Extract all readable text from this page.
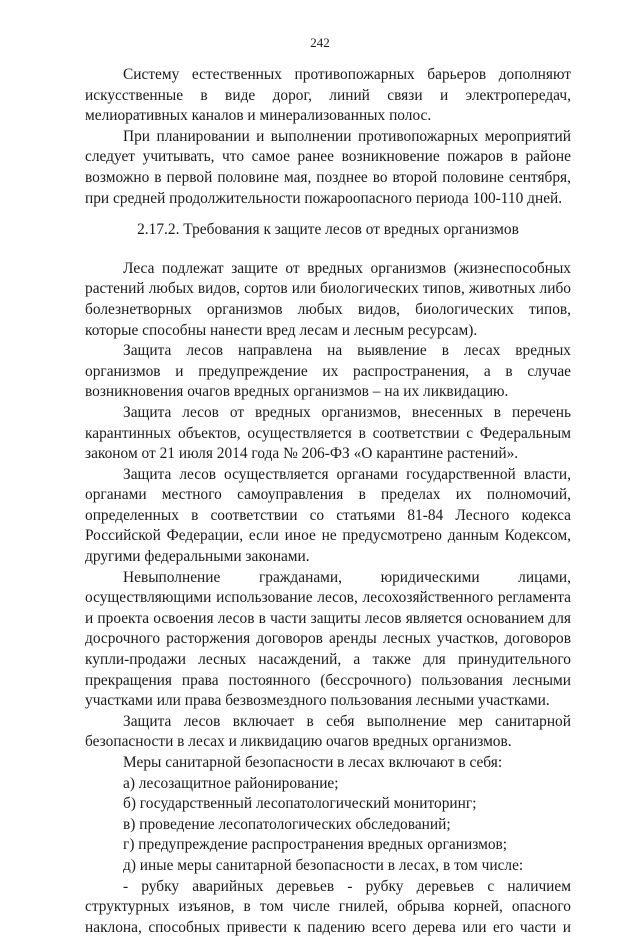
242

Систему естественных противопожарных барьеров дополняют искусственные в виде дорог, линий связи и электропередач, мелиоративных каналов и минерализованных полос.

При планировании и выполнении противопожарных мероприятий следует учитывать, что самое ранее возникновение пожаров в районе возможно в первой половине мая, позднее во второй половине сентября, при средней продолжительности пожароопасного периода 100-110 дней.

2.17.2. Требования к защите лесов от вредных организмов

Леса подлежат защите от вредных организмов (жизнеспособных растений любых видов, сортов или биологических типов, животных либо болезнетворных организмов любых видов, биологических типов, которые способны нанести вред лесам и лесным ресурсам).

Защита лесов направлена на выявление в лесах вредных организмов и предупреждение их распространения, а в случае возникновения очагов вредных организмов – на их ликвидацию.

Защита лесов от вредных организмов, внесенных в перечень карантинных объектов, осуществляется в соответствии с Федеральным законом от 21 июля 2014 года № 206-ФЗ «О карантине растений».

Защита лесов осуществляется органами государственной власти, органами местного самоуправления в пределах их полномочий, определенных в соответствии со статьями 81-84 Лесного кодекса Российской Федерации, если иное не предусмотрено данным Кодексом, другими федеральными законами.

Невыполнение гражданами, юридическими лицами, осуществляющими использование лесов, лесохозяйственного регламента и проекта освоения лесов в части защиты лесов является основанием для досрочного расторжения договоров аренды лесных участков, договоров купли-продажи лесных насаждений, а также для принудительного прекращения права постоянного (бессрочного) пользования лесными участками или права безвозмездного пользования лесными участками.

Защита лесов включает в себя выполнение мер санитарной безопасности в лесах и ликвидацию очагов вредных организмов.

Меры санитарной безопасности в лесах включают в себя:

а) лесозащитное районирование;

б) государственный лесопатологический мониторинг;

в) проведение лесопатологических обследований;

г) предупреждение распространения вредных организмов;

д) иные меры санитарной безопасности в лесах, в том числе:

- рубку аварийных деревьев - рубку деревьев с наличием структурных изъянов, в том числе гнилей, обрыва корней, опасного наклона, способных привести к падению всего дерева или его части и
